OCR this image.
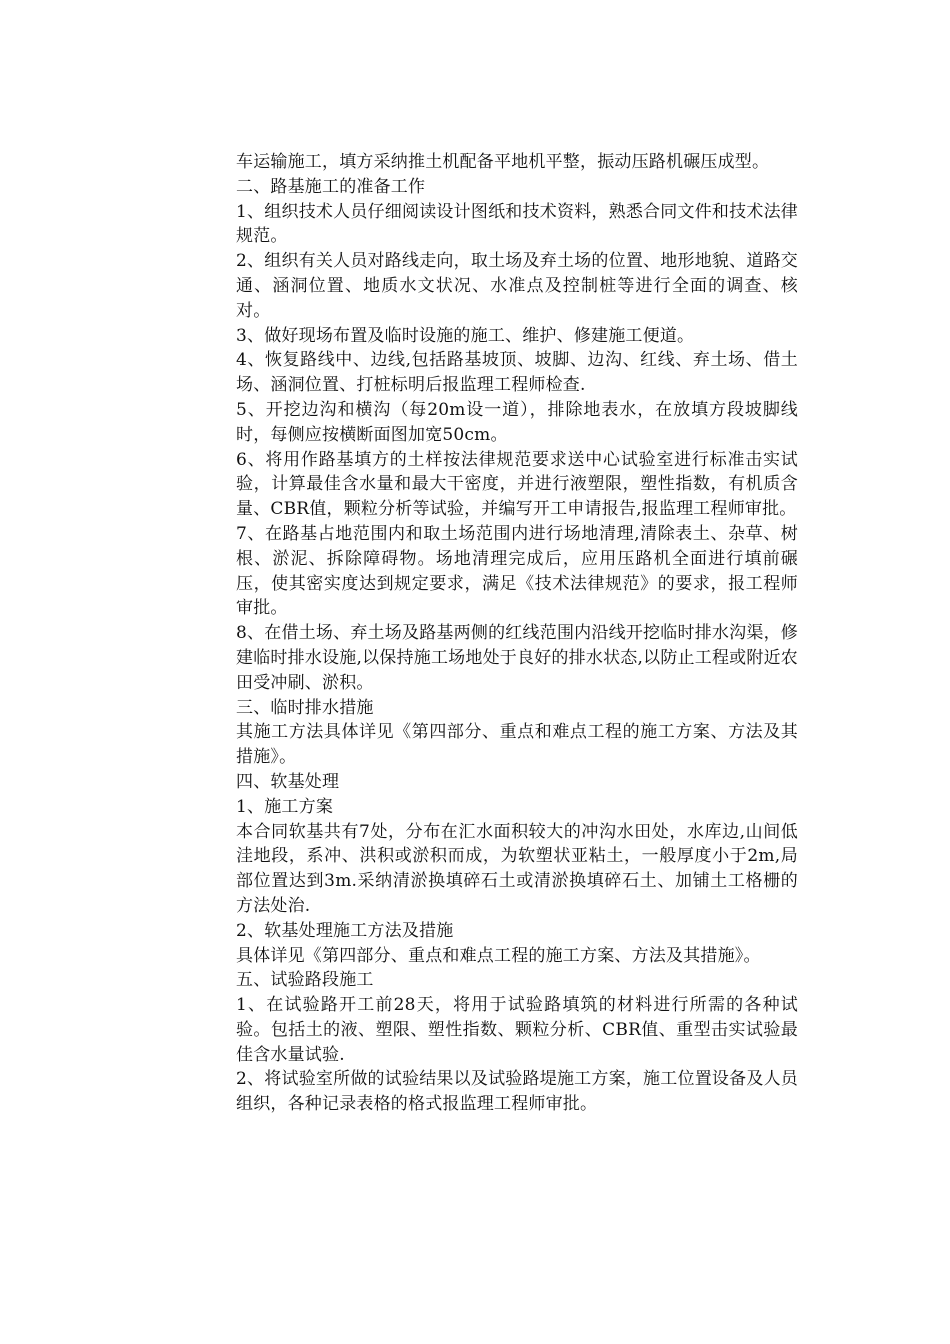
车运输施工，填方采纳推土机配备平地机平整，振动压路机碾压成型。

二、路基施工的准备工作

1、组织技术人员仔细阅读设计图纸和技术资料，熟悉合同文件和技术法律规范。

2、组织有关人员对路线走向，取土场及弃土场的位置、地形地貌、道路交通、涵洞位置、地质水文状况、水准点及控制桩等进行全面的调查、核对。

3、做好现场布置及临时设施的施工、维护、修建施工便道。

4、恢复路线中、边线,包括路基坡顶、坡脚、边沟、红线、弃土场、借土场、涵洞位置、打桩标明后报监理工程师检查.

5、开挖边沟和横沟（每20m设一道），排除地表水，在放填方段坡脚线时，每侧应按横断面图加宽50cm。

6、将用作路基填方的土样按法律规范要求送中心试验室进行标准击实试验，计算最佳含水量和最大干密度，并进行液塑限，塑性指数，有机质含量、CBR值，颗粒分析等试验，并编写开工申请报告,报监理工程师审批。

7、在路基占地范围内和取土场范围内进行场地清理,清除表土、杂草、树根、淤泥、拆除障碍物。场地清理完成后，应用压路机全面进行填前碾压，使其密实度达到规定要求，满足《技术法律规范》的要求，报工程师审批。

8、在借土场、弃土场及路基两侧的红线范围内沿线开挖临时排水沟渠，修建临时排水设施,以保持施工场地处于良好的排水状态,以防止工程或附近农田受冲刷、淤积。

三、临时排水措施

其施工方法具体详见《第四部分、重点和难点工程的施工方案、方法及其措施》。

四、软基处理

1、施工方案

本合同软基共有7处，分布在汇水面积较大的冲沟水田处，水库边,山间低洼地段，系冲、洪积或淤积而成，为软塑状亚粘土，一般厚度小于2m,局部位置达到3m.采纳清淤换填碎石土或清淤换填碎石土、加铺土工格栅的方法处治.

2、软基处理施工方法及措施

具体详见《第四部分、重点和难点工程的施工方案、方法及其措施》。

五、试验路段施工

1、在试验路开工前28天，将用于试验路填筑的材料进行所需的各种试验。包括土的液、塑限、塑性指数、颗粒分析、CBR值、重型击实试验最佳含水量试验.

2、将试验室所做的试验结果以及试验路堤施工方案，施工位置设备及人员组织，各种记录表格的格式报监理工程师审批。
